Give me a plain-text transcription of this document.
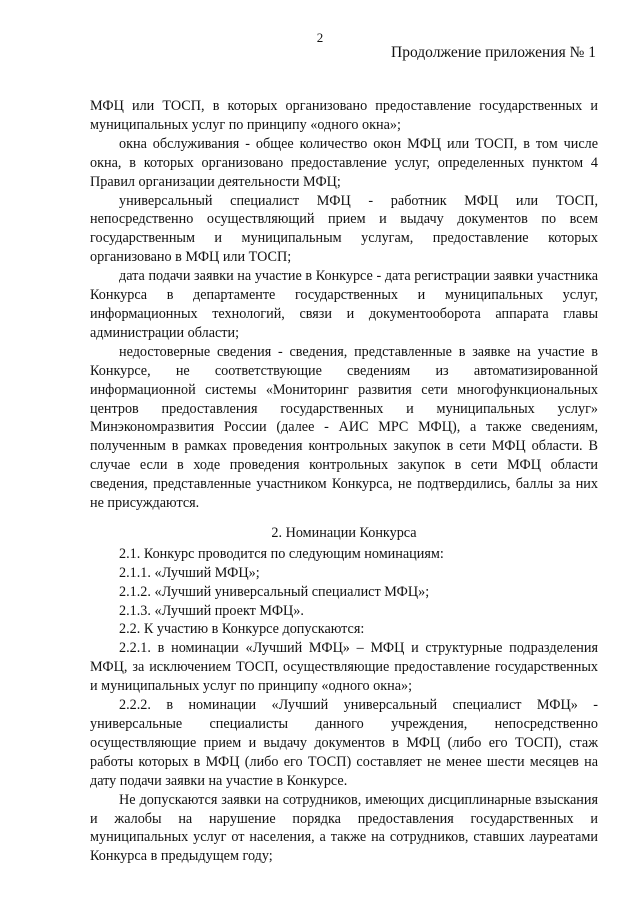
2
Продолжение приложения № 1

МФЦ или ТОСП, в которых организовано предоставление государственных и муниципальных услуг по принципу «одного окна»;

окна обслуживания - общее количество окон МФЦ или ТОСП, в том числе окна, в которых организовано предоставление услуг, определенных пунктом 4 Правил организации деятельности МФЦ;

универсальный специалист МФЦ - работник МФЦ или ТОСП, непосредственно осуществляющий прием и выдачу документов по всем государственным и муниципальным услугам, предоставление которых организовано в МФЦ или ТОСП;

дата подачи заявки на участие в Конкурсе - дата регистрации заявки участника Конкурса в департаменте государственных и муниципальных услуг, информационных технологий, связи и документооборота аппарата главы администрации области;

недостоверные сведения - сведения, представленные в заявке на участие в Конкурсе, не соответствующие сведениям из автоматизированной информационной системы «Мониторинг развития сети многофункциональных центров предоставления государственных и муниципальных услуг» Минэкономразвития России (далее - АИС МРС МФЦ), а также сведениям, полученным в рамках проведения контрольных закупок в сети МФЦ области. В случае если в ходе проведения контрольных закупок в сети МФЦ области сведения, представленные участником Конкурса, не подтвердились, баллы за них не присуждаются.

2. Номинации Конкурса

2.1. Конкурс проводится по следующим номинациям:

2.1.1. «Лучший МФЦ»;

2.1.2. «Лучший универсальный специалист МФЦ»;

2.1.3. «Лучший проект МФЦ».

2.2. К участию в Конкурсе допускаются:

2.2.1. в номинации «Лучший МФЦ» – МФЦ и структурные подразделения МФЦ, за исключением ТОСП, осуществляющие предоставление государственных и муниципальных услуг по принципу «одного окна»;

2.2.2. в номинации «Лучший универсальный специалист МФЦ» - универсальные специалисты данного учреждения, непосредственно осуществляющие прием и выдачу документов в МФЦ (либо его ТОСП), стаж работы которых в МФЦ (либо его ТОСП) составляет не менее шести месяцев на дату подачи заявки на участие в Конкурсе.

Не допускаются заявки на сотрудников, имеющих дисциплинарные взыскания и жалобы на нарушение порядка предоставления государственных и муниципальных услуг от населения, а также на сотрудников, ставших лауреатами Конкурса в предыдущем году;
